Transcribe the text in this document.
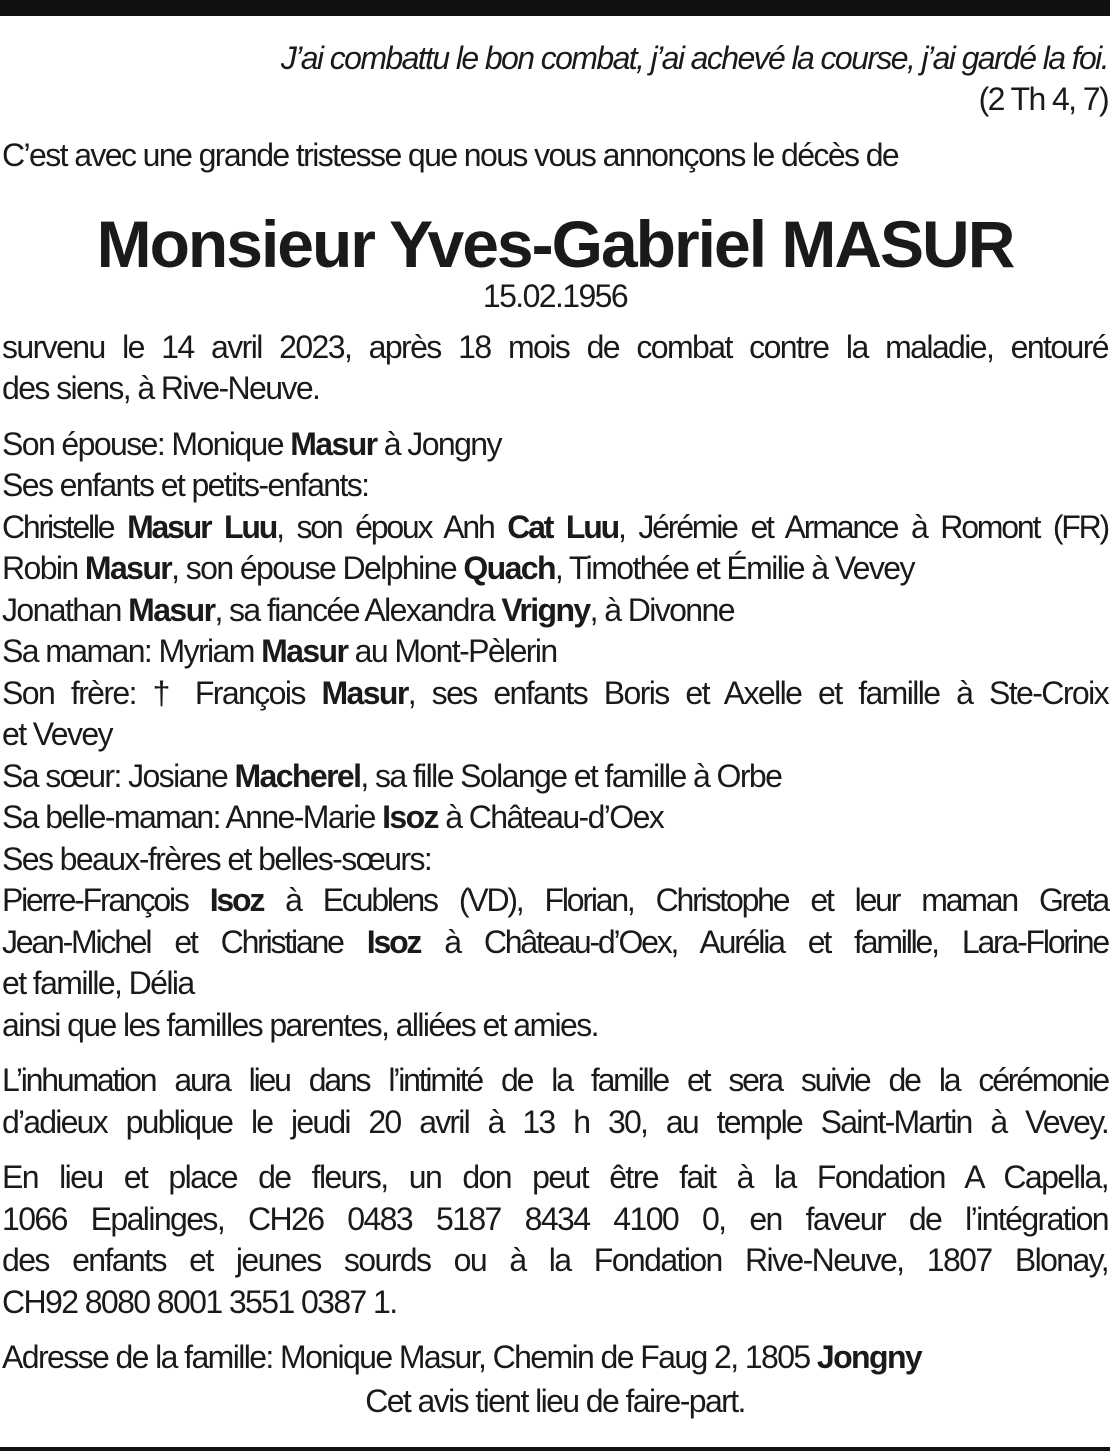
J’ai combattu le bon combat, j’ai achevé la course, j’ai gardé la foi.
(2 Th 4, 7)
C’est avec une grande tristesse que nous vous annonçons le décès de
Monsieur Yves-Gabriel MASUR
15.02.1956
survenu le 14 avril 2023, après 18 mois de combat contre la maladie, entouré
des siens, à Rive-Neuve.
Son épouse: Monique Masur à Jongny
Ses enfants et petits-enfants:
Christelle Masur Luu, son époux Anh Cat Luu, Jérémie et Armance à Romont (FR)
Robin Masur, son épouse Delphine Quach, Timothée et Émilie à Vevey
Jonathan Masur, sa fiancée Alexandra Vrigny, à Divonne
Sa maman: Myriam Masur au Mont-Pèlerin
Son frère: † François Masur, ses enfants Boris et Axelle et famille à Ste-Croix
et Vevey
Sa sœur: Josiane Macherel, sa fille Solange et famille à Orbe
Sa belle-maman: Anne-Marie Isoz à Château-d’Oex
Ses beaux-frères et belles-sœurs:
Pierre-François Isoz à Ecublens (VD), Florian, Christophe et leur maman Greta
Jean-Michel et Christiane Isoz à Château-d’Oex, Aurélia et famille, Lara-Florine
et famille, Délia
ainsi que les familles parentes, alliées et amies.
L’inhumation aura lieu dans l’intimité de la famille et sera suivie de la cérémonie
d’adieux publique le jeudi 20 avril à 13 h 30, au temple Saint-Martin à Vevey.
En lieu et place de fleurs, un don peut être fait à la Fondation A Capella,
1066 Epalinges, CH26 0483 5187 8434 4100 0, en faveur de l’intégration
des enfants et jeunes sourds ou à la Fondation Rive-Neuve, 1807 Blonay,
CH92 8080 8001 3551 0387 1.
Adresse de la famille: Monique Masur, Chemin de Faug 2, 1805 Jongny
Cet avis tient lieu de faire-part.
